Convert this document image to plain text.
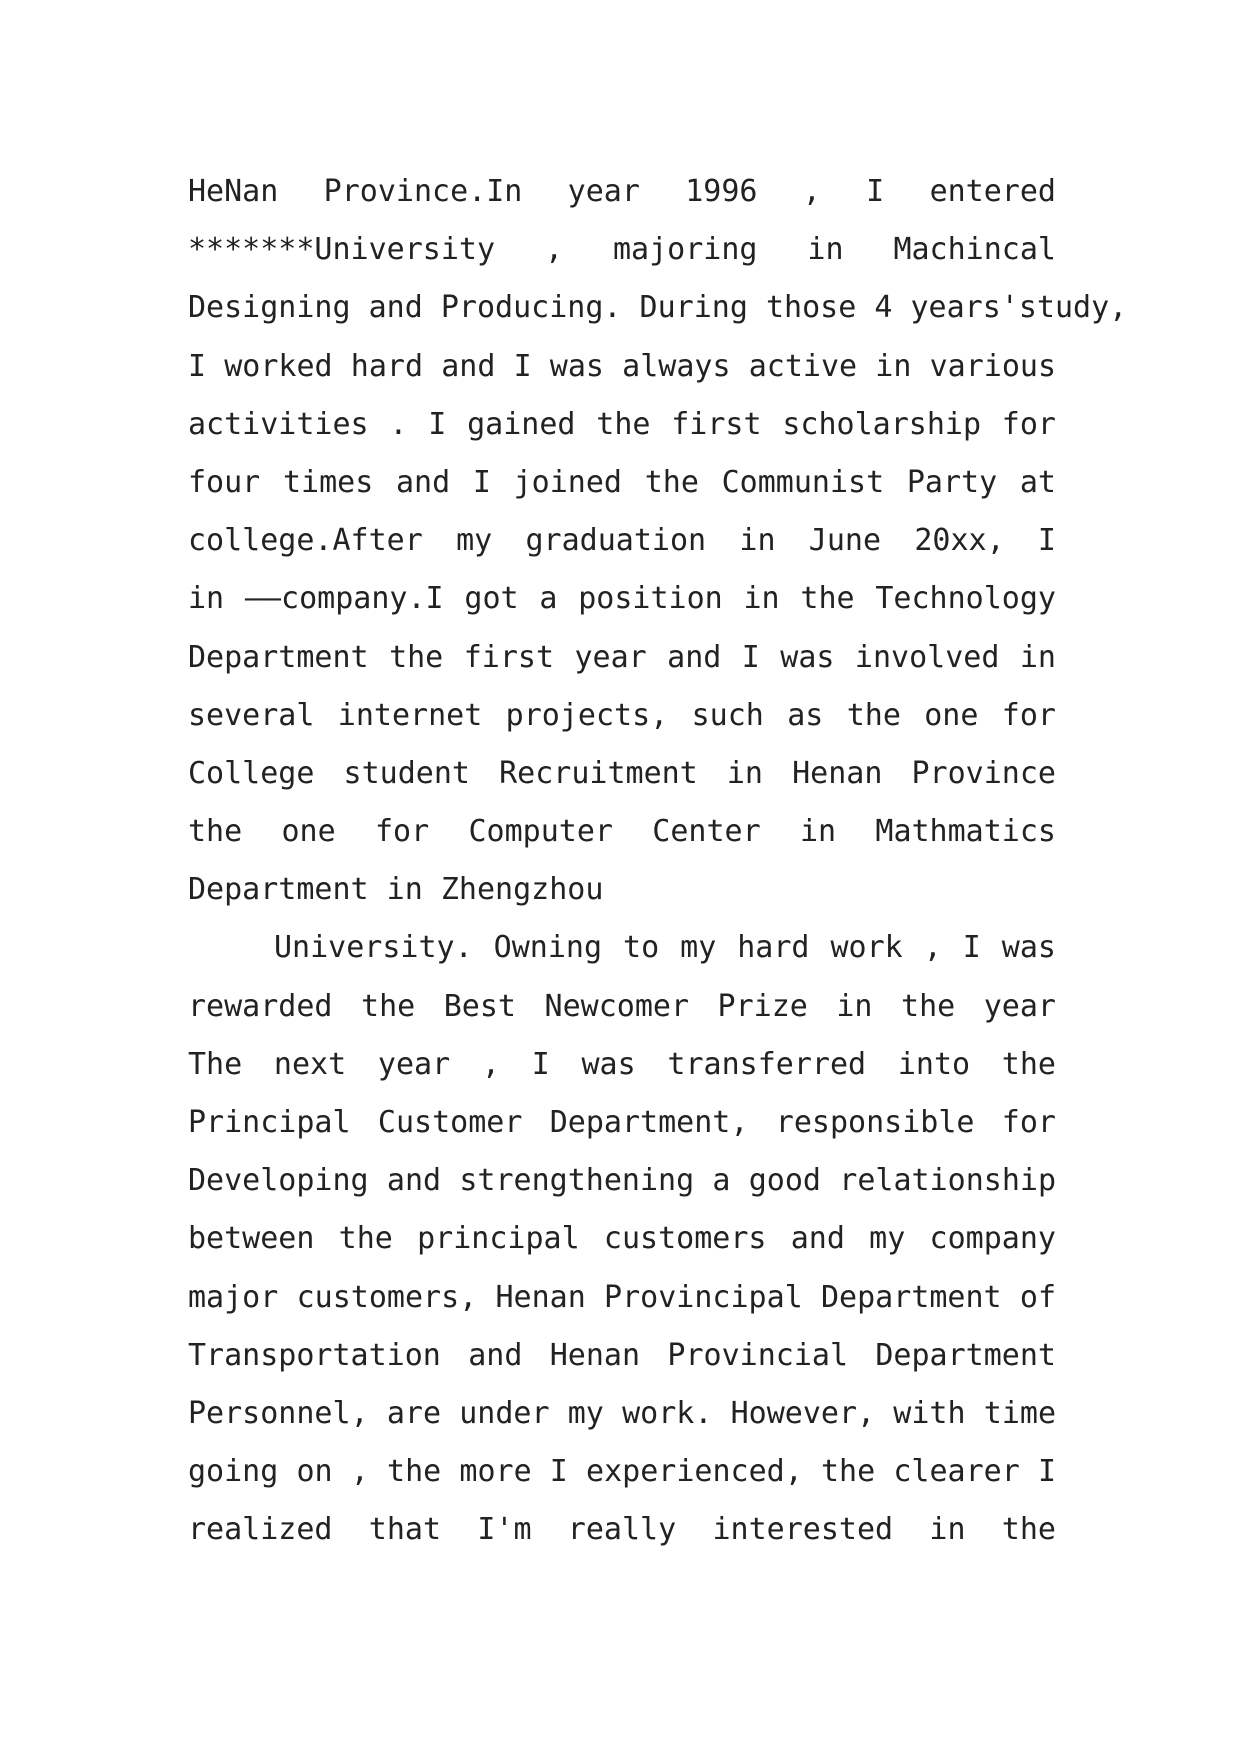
HeNan Province.In year 1996 , I entered
*******University , majoring in Machincal
Designing and Producing. During those 4 years'study,
I worked hard and I was always active in various
activities . I gained the first scholarship for
four times and I joined the Communist Party at
college.After my graduation in June 20xx, I
in ——company.I got a position in the Technology
Department the first year and I was involved in
several internet projects, such as the one for
College student Recruitment in Henan Province
the one for Computer Center in Mathmatics
Department in Zhengzhou
University. Owning to my hard work , I was
rewarded the Best Newcomer Prize in the year
The next year , I was transferred into the
Principal Customer Department, responsible for
Developing and strengthening a good relationship
between the principal customers and my company
major customers, Henan Provincipal Department of
Transportation and Henan Provincial Department
Personnel, are under my work. However, with time
going on , the more I experienced, the clearer I
realized that I'm really interested in the
